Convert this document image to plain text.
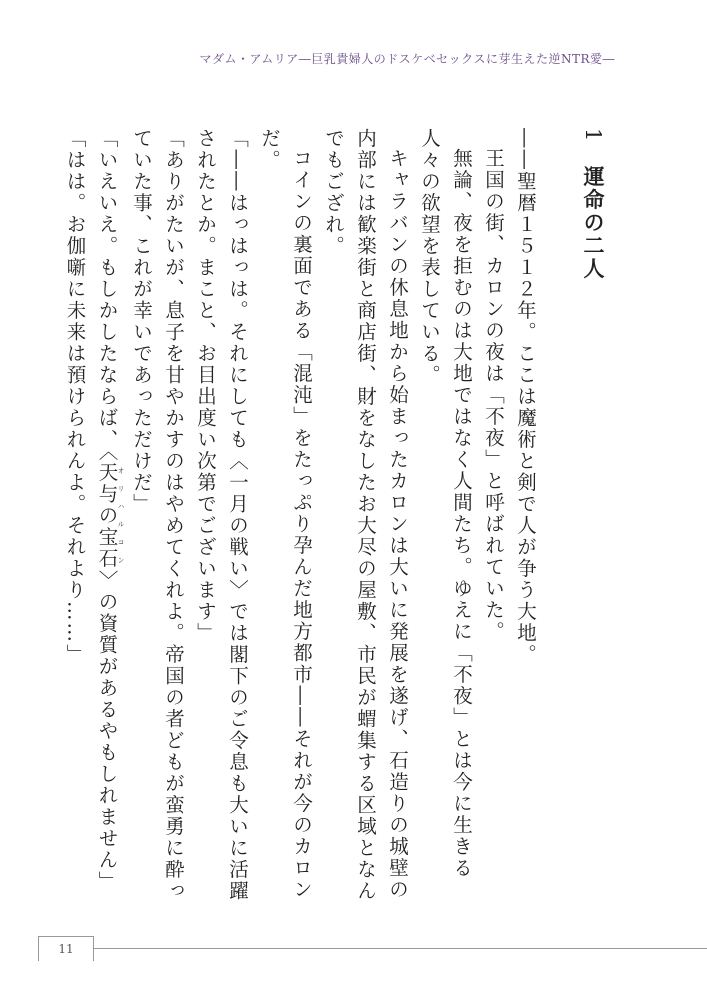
マダム・アムリア―巨乳貴婦人のドスケベセックスに芽生えた逆NTR愛―
1運命の二人
――聖暦１５１２年。ここは魔術と剣で人が争う大地。
王国の街、カロンの夜は「不夜」と呼ばれていた。
無論、夜を拒むのは大地ではなく人間たち。ゆえに「不夜」とは今に生きる人々の欲望を表している。
キャラバンの休息地から始まったカロンは大いに発展を遂げ、石造りの城壁の内部には歓楽街と商店街、財をなしたお大尽の屋敷、市民が蝟集する区域となんでもござれ。
コインの裏面である「混沌」をたっぷり孕んだ地方都市――それが今のカロンだ。
「――はっはっは。それにしても〈一月の戦い〉では閣下のご令息も大いに活躍されたとか。まこと、お目出度い次第でございます」
「ありがたいが、息子を甘やかすのはやめてくれよ。帝国の者どもが蛮勇に酔っていた事、これが幸いであっただけだ」
「いえいえ。もしかしたならば、〈天与の宝石オリハルコン〉の資質があるやもしれません」
「はは。お伽噺に未来は預けられんよ。それより……」
11
